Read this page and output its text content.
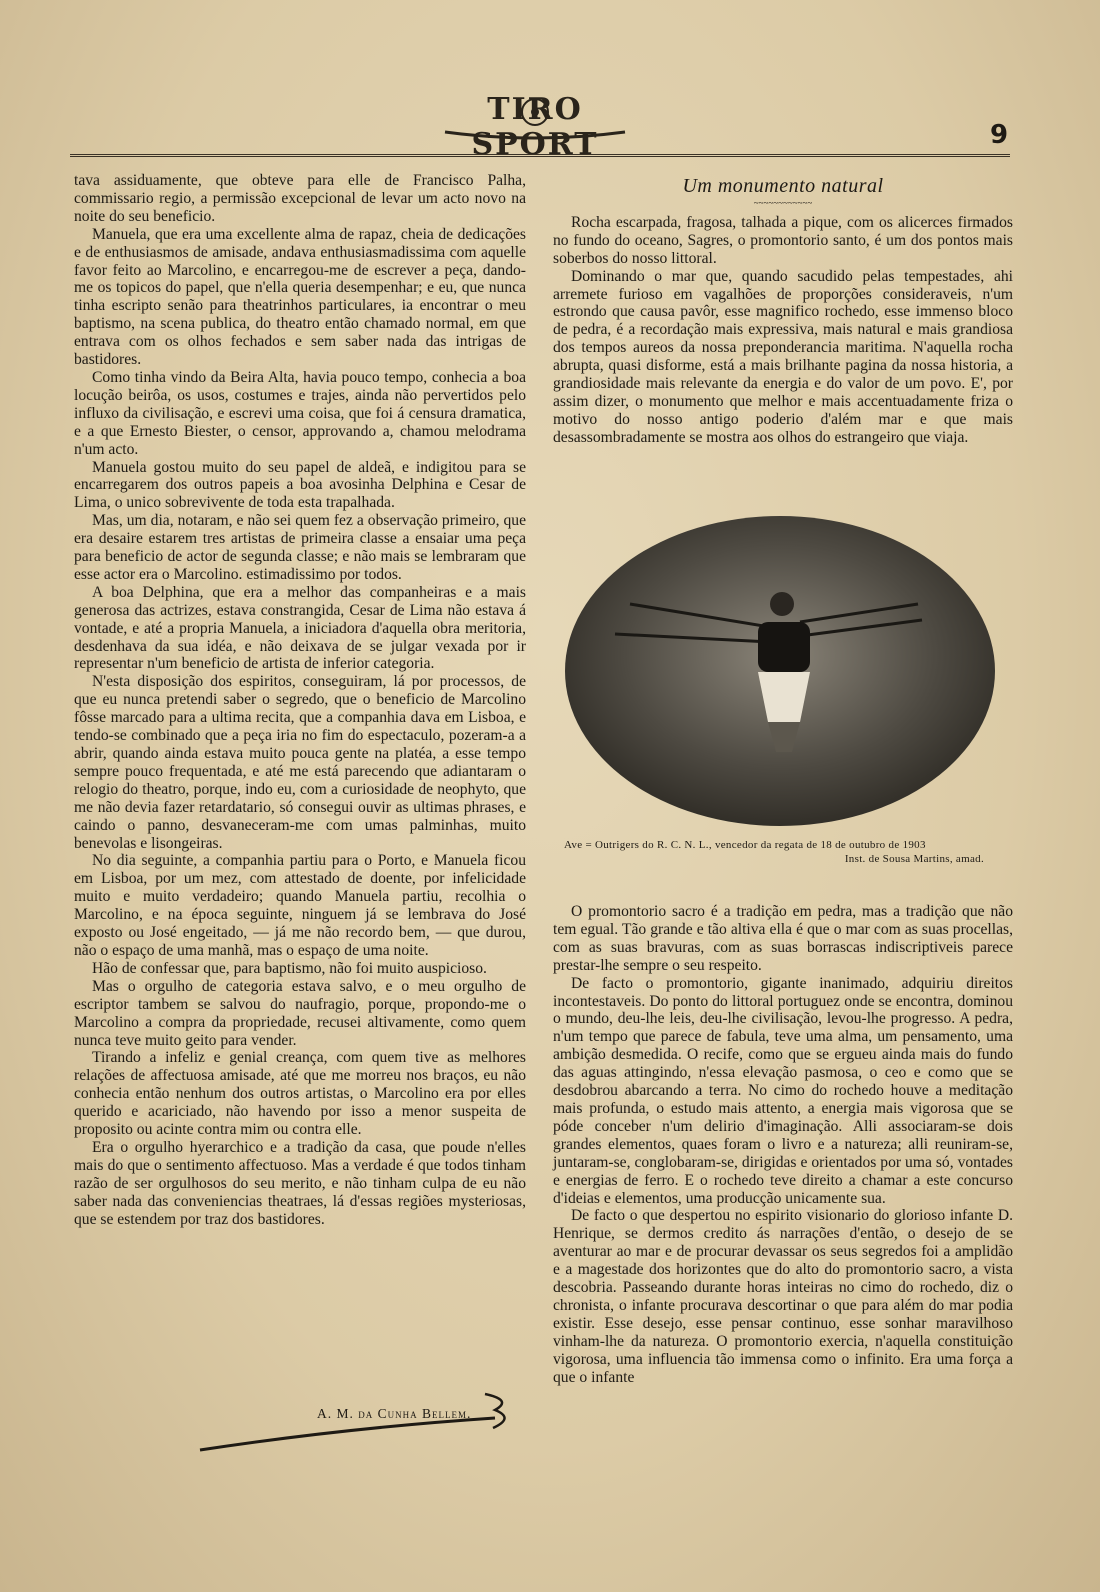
TIRO SPORT	9

tava assiduamente, que obteve para elle de Francisco Palha, commissario regio, a permissão excepcional de levar um acto novo na noite do seu beneficio.

Manuela, que era uma excellente alma de rapaz, cheia de dedicações e de enthusiasmos de amisade, andava enthusiasmadissima com aquelle favor feito ao Marcolino, e encarregou-me de escrever a peça, dando-me os topicos do papel, que n'ella queria desempenhar; e eu, que nunca tinha escripto senão para theatrinhos particulares, ia encontrar o meu baptismo, na scena publica, do theatro então chamado normal, em que entrava com os olhos fechados e sem saber nada das intrigas de bastidores.

Como tinha vindo da Beira Alta, havia pouco tempo, conhecia a boa locução beirôa, os usos, costumes e trajes, ainda não pervertidos pelo influxo da civilisação, e escrevi uma coisa, que foi á censura dramatica, e a que Ernesto Biester, o censor, approvando a, chamou melodrama n'um acto.

Manuela gostou muito do seu papel de aldeã, e indigitou para se encarregarem dos outros papeis a boa avosinha Delphina e Cesar de Lima, o unico sobrevivente de toda esta trapalhada.

Mas, um dia, notaram, e não sei quem fez a observação primeiro, que era desaire estarem tres artistas de primeira classe a ensaiar uma peça para beneficio de actor de segunda classe; e não mais se lembraram que esse actor era o Marcolino. estimadissimo por todos.

A boa Delphina, que era a melhor das companheiras e a mais generosa das actrizes, estava constrangida, Cesar de Lima não estava á vontade, e até a propria Manuela, a iniciadora d'aquella obra meritoria, desdenhava da sua idéa, e não deixava de se julgar vexada por ir representar n'um beneficio de artista de inferior categoria.

N'esta disposição dos espiritos, conseguiram, lá por processos, de que eu nunca pretendi saber o segredo, que o beneficio de Marcolino fôsse marcado para a ultima recita, que a companhia dava em Lisboa, e tendo-se combinado que a peça iria no fim do espectaculo, pozeram-a a abrir, quando ainda estava muito pouca gente na platéa, a esse tempo sempre pouco frequentada, e até me está parecendo que adiantaram o relogio do theatro, porque, indo eu, com a curiosidade de neophyto, que me não devia fazer retardatario, só consegui ouvir as ultimas phrases, e caindo o panno, desvaneceram-me com umas palminhas, muito benevolas e lisongeiras.

No dia seguinte, a companhia partiu para o Porto, e Manuela ficou em Lisboa, por um mez, com attestado de doente, por infelicidade muito e muito verdadeiro; quando Manuela partiu, recolhia o Marcolino, e na época seguinte, ninguem já se lembrava do José exposto ou José engeitado, — já me não recordo bem, — que durou, não o espaço de uma manhã, mas o espaço de uma noite.

Hão de confessar que, para baptismo, não foi muito auspicioso.

Mas o orgulho de categoria estava salvo, e o meu orgulho de escriptor tambem se salvou do naufragio, porque, propondo-me o Marcolino a compra da propriedade, recusei altivamente, como quem nunca teve muito geito para vender.

Tirando a infeliz e genial creança, com quem tive as melhores relações de affectuosa amisade, até que me morreu nos braços, eu não conhecia então nenhum dos outros artistas, o Marcolino era por elles querido e acariciado, não havendo por isso a menor suspeita de proposito ou acinte contra mim ou contra elle.

Era o orgulho hyerarchico e a tradição da casa, que poude n'elles mais do que o sentimento affectuoso. Mas a verdade é que todos tinham razão de ser orgulhosos do seu merito, e não tinham culpa de eu não saber nada das conveniencias theatraes, lá d'essas regiões mysteriosas, que se estendem por traz dos bastidores.

A. M. da Cunha Bellem.
Um monumento natural
~~~~~~~~~~~~

Rocha escarpada, fragosa, talhada a pique, com os alicerces firmados no fundo do oceano, Sagres, o promontorio santo, é um dos pontos mais soberbos do nosso littoral.

Dominando o mar que, quando sacudido pelas tempestades, ahi arremete furioso em vagalhões de proporções consideraveis, n'um estrondo que causa pavôr, esse magnifico rochedo, esse immenso bloco de pedra, é a recordação mais expressiva, mais natural e mais grandiosa dos tempos aureos da nossa preponderancia maritima. N'aquella rocha abrupta, quasi disforme, está a mais brilhante pagina da nossa historia, a grandiosidade mais relevante da energia e do valor de um povo. E', por assim dizer, o monumento que melhor e mais accentuadamente friza o motivo do nosso antigo poderio d'além mar e que mais desassombradamente se mostra aos olhos do estrangeiro que viaja.

Ave = Outrigers do R. C. N. L., vencedor da regata de 18 de outubro de 1903
Inst. de Sousa Martins, amad.

O promontorio sacro é a tradição em pedra, mas a tradição que não tem egual. Tão grande e tão altiva ella é que o mar com as suas procellas, com as suas bravuras, com as suas borrascas indiscriptiveis parece prestar-lhe sempre o seu respeito.

De facto o promontorio, gigante inanimado, adquiriu direitos incontestaveis. Do ponto do littoral portuguez onde se encontra, dominou o mundo, deu-lhe leis, deu-lhe civilisação, levou-lhe progresso. A pedra, n'um tempo que parece de fabula, teve uma alma, um pensamento, uma ambição desmedida. O recife, como que se ergueu ainda mais do fundo das aguas attingindo, n'essa elevação pasmosa, o ceo e como que se desdobrou abarcando a terra. No cimo do rochedo houve a meditação mais profunda, o estudo mais attento, a energia mais vigorosa que se póde conceber n'um delirio d'imaginação. Alli associaram-se dois grandes elementos, quaes foram o livro e a natureza; alli reuniram-se, juntaram-se, conglobaram-se, dirigidas e orientados por uma só, vontades e energias de ferro. E o rochedo teve direito a chamar a este concurso d'ideias e elementos, uma producção unicamente sua.

De facto o que despertou no espirito visionario do glorioso infante D. Henrique, se dermos credito ás narrações d'então, o desejo de se aventurar ao mar e de procurar devassar os seus segredos foi a amplidão e a magestade dos horizontes que do alto do promontorio sacro, a vista descobria. Passeando durante horas inteiras no cimo do rochedo, diz o chronista, o infante procurava descortinar o que para além do mar podia existir. Esse desejo, esse pensar continuo, esse sonhar maravilhoso vinham-lhe da natureza. O promontorio exercia, n'aquella constituição vigorosa, uma influencia tão immensa como o infinito. Era uma força a que o infante
